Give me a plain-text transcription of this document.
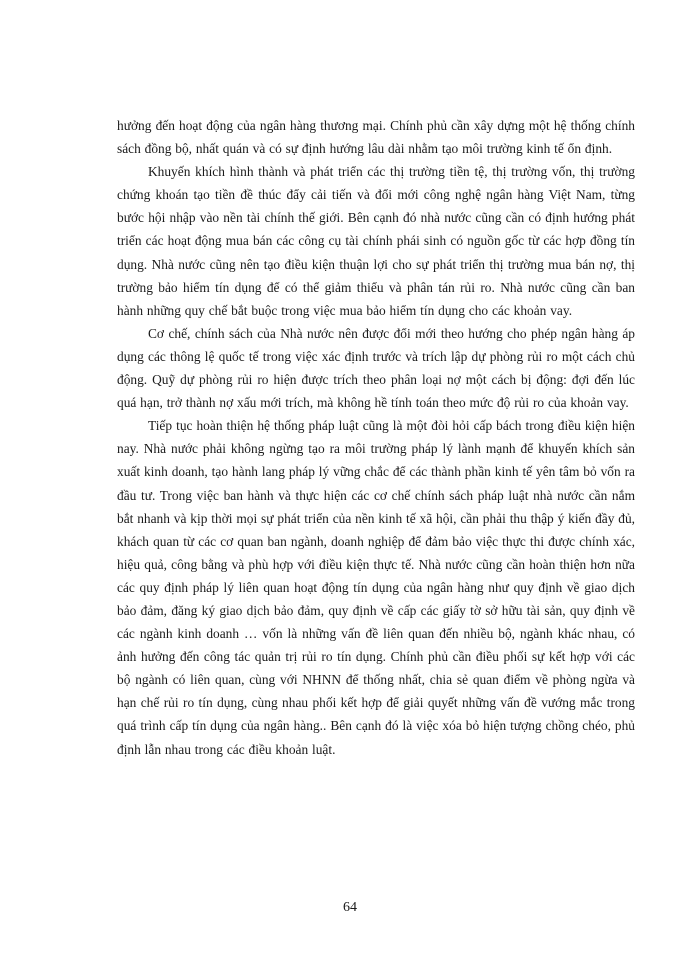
hưởng đến hoạt động của ngân hàng thương mại. Chính phủ cần xây dựng một hệ thống chính sách đồng bộ, nhất quán và có sự định hướng lâu dài nhằm tạo môi trường kinh tế ổn định.

Khuyến khích hình thành và phát triển các thị trường tiền tệ, thị trường vốn, thị trường chứng khoán tạo tiền đề thúc đẩy cải tiến và đổi mới công nghệ ngân hàng Việt Nam, từng bước hội nhập vào nền tài chính thế giới. Bên cạnh đó nhà nước cũng cần có định hướng phát triển các hoạt động mua bán các công cụ tài chính phái sinh có nguồn gốc từ các hợp đồng tín dụng. Nhà nước cũng nên tạo điều kiện thuận lợi cho sự phát triển thị trường mua bán nợ, thị trường bảo hiểm tín dụng để có thể giảm thiểu và phân tán rủi ro. Nhà nước cũng cần ban hành những quy chế bắt buộc trong việc mua bảo hiểm tín dụng cho các khoản vay.

Cơ chế, chính sách của Nhà nước nên được đổi mới theo hướng cho phép ngân hàng áp dụng các thông lệ quốc tế trong việc xác định trước và trích lập dự phòng rủi ro một cách chủ động. Quỹ dự phòng rủi ro hiện được trích theo phân loại nợ một cách bị động: đợi đến lúc quá hạn, trở thành nợ xấu mới trích, mà không hề tính toán theo mức độ rủi ro của khoản vay.

Tiếp tục hoàn thiện hệ thống pháp luật cũng là một đòi hỏi cấp bách trong điều kiện hiện nay. Nhà nước phải không ngừng tạo ra môi trường pháp lý lành mạnh để khuyến khích sản xuất kinh doanh, tạo hành lang pháp lý vững chắc để các thành phần kinh tế yên tâm bỏ vốn ra đầu tư. Trong việc ban hành và thực hiện các cơ chế chính sách pháp luật nhà nước cần nắm bắt nhanh và kịp thời mọi sự phát triển của nền kinh tế xã hội, cần phải thu thập ý kiến đầy đủ, khách quan từ các cơ quan ban ngành, doanh nghiệp để đảm bảo việc thực thi được chính xác, hiệu quả, công bằng và phù hợp với điều kiện thực tế. Nhà nước cũng cần hoàn thiện hơn nữa các quy định pháp lý liên quan hoạt động tín dụng của ngân hàng như quy định về giao dịch bảo đảm, đăng ký giao dịch bảo đảm, quy định về cấp các giấy tờ sở hữu tài sản, quy định về các ngành kinh doanh … vốn là những vấn đề liên quan đến nhiều bộ, ngành khác nhau, có ảnh hưởng đến công tác quản trị rủi ro tín dụng. Chính phủ cần điều phối sự kết hợp với các bộ ngành có liên quan, cùng với NHNN để thống nhất, chia sẻ quan điểm về phòng ngừa và hạn chế rủi ro tín dụng, cùng nhau phối kết hợp để giải quyết những vấn đề vướng mắc trong quá trình cấp tín dụng của ngân hàng.. Bên cạnh đó là việc xóa bỏ hiện tượng chồng chéo, phủ định lẫn nhau trong các điều khoản luật.

64
